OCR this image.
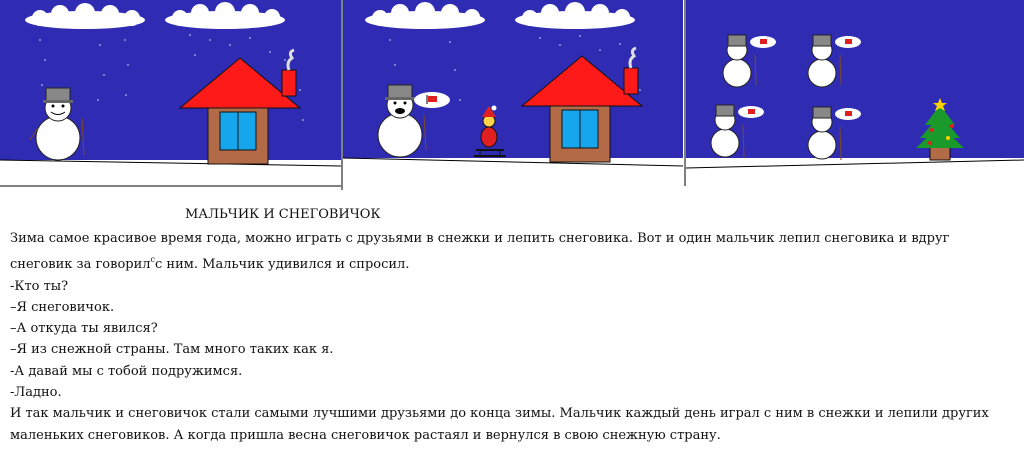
МАЛЬЧИК И СНЕГОВИЧОК
Зима самое красивое время года, можно играть с друзьями в снежки и лепить снеговика. Вот и один мальчик лепил снеговика и вдруг снеговик за говорил$^с$с ним. Мальчик удивился и спросил.
-Кто ты?
–Я снеговичок.
–А откуда ты явился?
–Я из снежной страны. Там много таких как я.
-А давай мы с тобой подружимся.
-Ладно.
И так мальчик и снеговичок стали самыми лучшими друзьями до конца зимы. Мальчик каждый день играл с ним в снежки и лепили других маленьких снеговиков. А когда пришла весна снеговичок растаял и вернулся в свою снежную страну.
